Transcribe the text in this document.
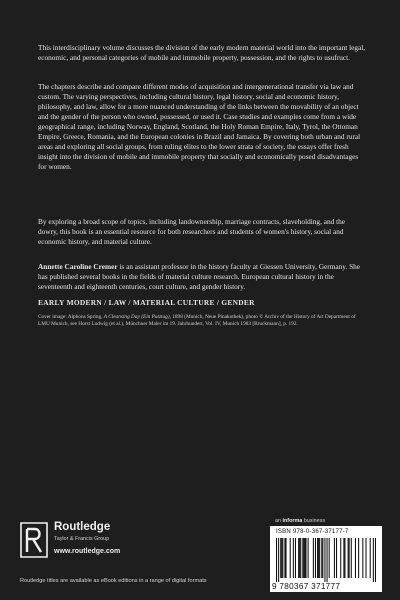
This interdisciplinary volume discusses the division of the early modern material world into the important legal, economic, and personal categories of mobile and immobile property, possession, and the rights to usufruct.

The chapters describe and compare different modes of acquisition and intergenerational transfer via law and custom. The varying perspectives, including cultural history, legal history, social and economic history, philosophy, and law, allow for a more nuanced understanding of the links between the movability of an object and the gender of the person who owned, possessed, or used it. Case studies and examples come from a wide geographical range, including Norway, England, Scotland, the Holy Roman Empire, Italy, Tyrol, the Ottoman Empire, Greece, Romania, and the European colonies in Brazil and Jamaica. By covering both urban and rural areas and exploring all social groups, from ruling elites to the lower strata of society, the essays offer fresh insight into the division of mobile and immobile property that socially and economically posed disadvantages for women.

By exploring a broad scope of topics, including landownership, marriage contracts, slaveholding, and the dowry, this book is an essential resource for both researchers and students of women's history, social and economic history, and material culture.

Annette Caroline Cremer is an assistant professor in the history faculty at Giessen University, Germany. She has published several books in the fields of material culture research. European cultural history in the seventeenth and eighteenth centuries, court culture, and gender history.

EARLY MODERN / LAW / MATERIAL CULTURE / GENDER

Cover image: Alphons Spring, A Cleansing Day (Ein Putztag), 1898 (Munich, Neue Pinakothek), photo © Archiv of the History of Art Department of LMU Munich, see Horst Ludwig (et al.), Münchner Maler im 19. Jahrhundert, Vol. IV, Munich 1983 [Bruckmann], p. 192.

Routledge
Taylor & Francis Group
www.routledge.com
Routledge titles are available as eBook editions in a range of digital formats
an informa business
ISBN 978-0-367-37177-7
9 780367 371777
